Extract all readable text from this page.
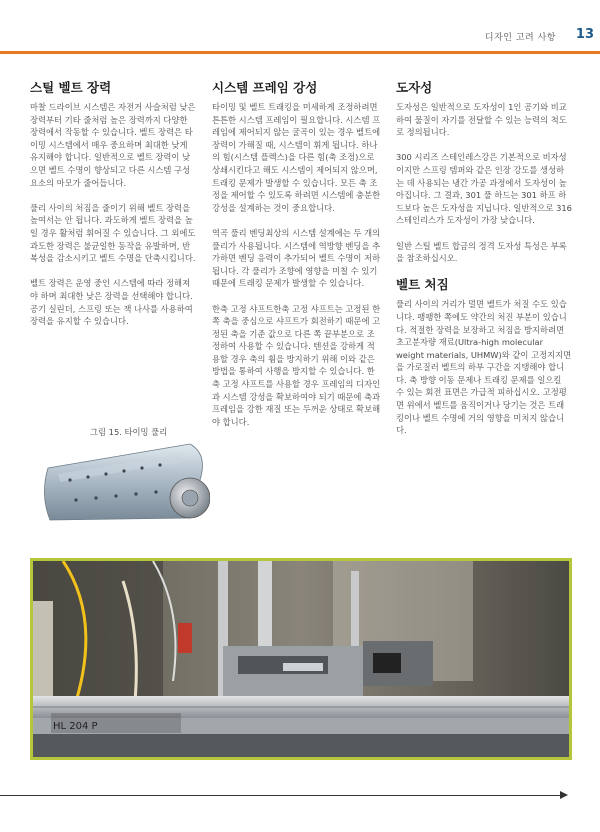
디자인 고려 사항 13
스틸 벨트 장력
마찰 드라이브 시스템은 자전거 사슬처럼 낮은 장력부터 기타 줄처럼 높은 장력까지 다양한 장력에서 작동할 수 있습니다. 벨트 장력은 타이밍 시스템에서 매우 중요하며 최대한 낮게 유지해야 합니다. 일반적으로 벨트 장력이 낮으면 벨트 수명이 향상되고 다른 시스템 구성 요소의 마모가 줄어듭니다.
풀리 사이의 처짐을 줄이기 위해 벨트 장력을 높여서는 안 됩니다. 과도하게 벨트 장력을 높일 경우 활처럼 휘어질 수 있습니다. 그 외에도 과도한 장력은 불균일한 동작을 유발하며, 반복성을 감소시키고 벨트 수명을 단축시킵니다.
벨트 장력은 운영 중인 시스템에 따라 정해져야 하며 최대한 낮은 장력을 선택해야 합니다. 공기 실린더, 스프링 또는 잭 나사를 사용하여 장력을 유지할 수 있습니다.
그림 15. 타이밍 풀리
시스템 프레임 강성
타이밍 및 벨트 트래킹을 미세하게 조정하려면 튼튼한 시스템 프레임이 필요합니다. 시스템 프레임에 제어되지 않는 굴곡이 있는 경우 벨트에 장력이 가해질 때, 시스템이 휘게 됩니다. 하나의 힘(시스템 플렉스)을 다른 힘(축 조정)으로 상쇄시킨다고 해도 시스템이 제어되지 않으며, 트래킹 문제가 발생할 수 있습니다. 모든 축 조정을 제어할 수 있도록 하려면 시스템에 충분한 강성을 설계하는 것이 중요합니다.
역곡 풀리 벤딩최상의 시스템 설계에는 두 개의 풀리가 사용됩니다. 시스템에 역방향 벤딩을 추가하면 벤딩 응력이 추가되어 벨트 수명이 저하됩니다. 각 풀리가 조향에 영향을 미칠 수 있기 때문에 트래킹 문제가 발생할 수 있습니다.
한축 고정 샤프트한축 고정 샤프트는 고정된 한쪽 축을 중심으로 샤프트가 회전하기 때문에 고정된 축을 기준 값으로 다른 쪽 끝부분으로 조정하여 사용할 수 있습니다. 텐션을 강하게 적용할 경우 축의 휨을 방지하기 위해 이와 같은 방법을 통하여 사행을 방지할 수 있습니다. 한축 고정 샤프트를 사용할 경우 프레임의 디자인과 시스템 강성을 확보하여야 되기 때문에 축과 프레임을 강한 재질 또는 두꺼운 상태로 확보해야 합니다.
도자성
도자성은 일반적으로 도자성이 1인 공기와 비교하여 물질이 자기를 전달할 수 있는 능력의 척도로 정의됩니다.
300 시리즈 스테인레스강은 기본적으로 비자성이지만 스프링 템퍼와 같은 인장 강도를 생성하는 데 사용되는 냉간 가공 과정에서 도자성이 높아집니다. 그 결과, 301 풀 하드는 301 하프 하드보다 높은 도자성을 지닙니다. 일반적으로 316 스테인리스가 도자성이 가장 낮습니다.
일반 스틸 벨트 합금의 정격 도자성 특성은 부록을 참조하십시오.
벨트 처짐
풀리 사이의 거리가 멀면 벨트가 처질 수도 있습니다. 팽팽한 쪽에도 약간의 처진 부분이 있습니다. 적절한 장력을 보장하고 처짐을 방지하려면 초고분자량 재료(Ultra-high molecular weight materials, UHMW)와 같이 고정지지면을 가로질러 벨트의 하부 구간을 지탱해야 합니다. 축 방향 이동 문제나 트래킹 문제를 일으킬 수 있는 회전 표면은 가급적 피하십시오. 고정평면 위에서 벨트를 움직이거나 당기는 것은 트래킹이나 벨트 수명에 거의 영향을 미치지 않습니다.
HL 204 P
